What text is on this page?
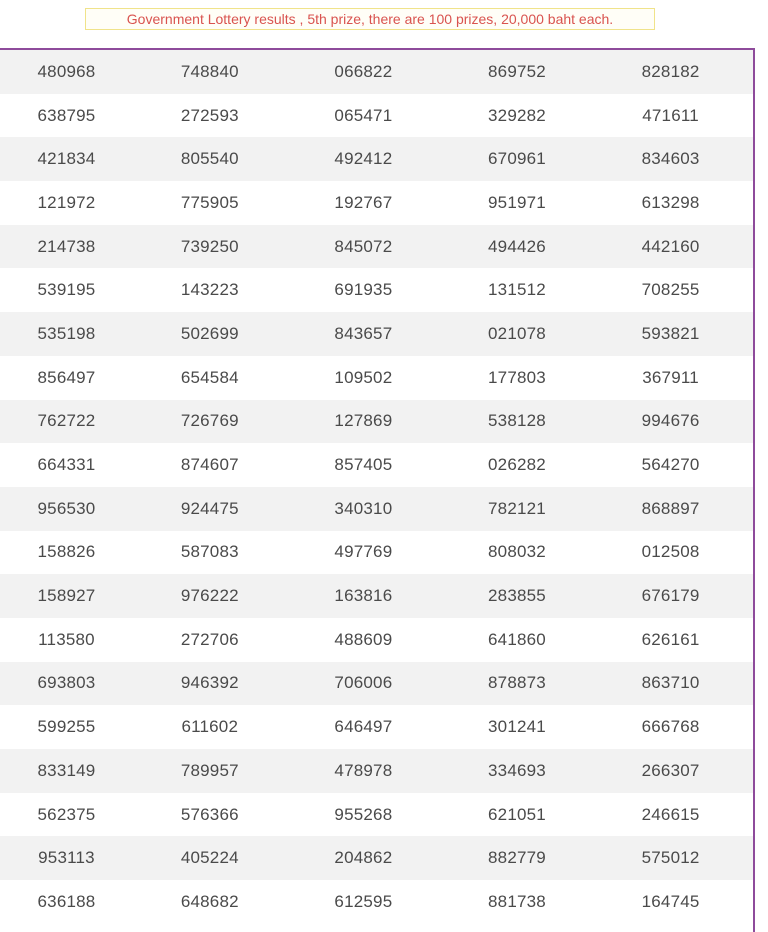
Government Lottery results , 5th prize, there are 100 prizes, 20,000 baht each.
480968	748840	066822	869752	828182
638795	272593	065471	329282	471611
421834	805540	492412	670961	834603
121972	775905	192767	951971	613298
214738	739250	845072	494426	442160
539195	143223	691935	131512	708255
535198	502699	843657	021078	593821
856497	654584	109502	177803	367911
762722	726769	127869	538128	994676
664331	874607	857405	026282	564270
956530	924475	340310	782121	868897
158826	587083	497769	808032	012508
158927	976222	163816	283855	676179
113580	272706	488609	641860	626161
693803	946392	706006	878873	863710
599255	611602	646497	301241	666768
833149	789957	478978	334693	266307
562375	576366	955268	621051	246615
953113	405224	204862	882779	575012
636188	648682	612595	881738	164745
